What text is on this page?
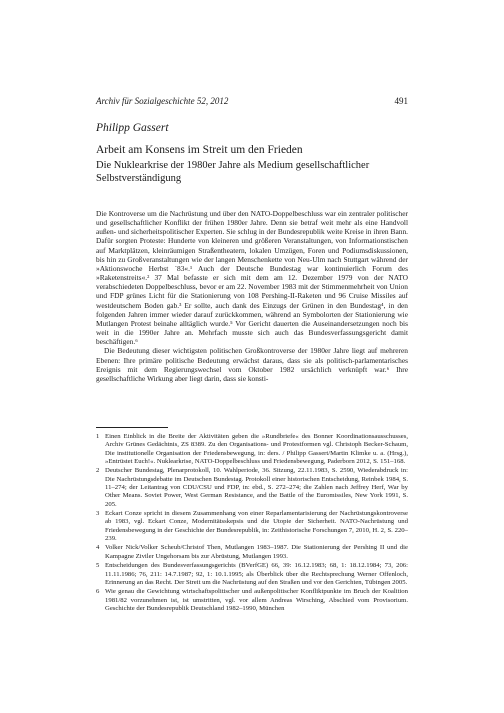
Archiv für Sozialgeschichte 52, 2012	491
Philipp Gassert
Arbeit am Konsens im Streit um den Frieden
Die Nuklearkrise der 1980er Jahre als Medium gesellschaftlicher Selbstverständigung

Die Kontroverse um die Nachrüstung und über den NATO-Doppelbeschluss war ein zentraler politischer und gesellschaftlicher Konflikt der frühen 1980er Jahre. Denn sie betraf weit mehr als eine Handvoll außen- und sicherheitspolitischer Experten. Sie schlug in der Bundesrepublik weite Kreise in ihren Bann. Dafür sorgten Proteste: Hunderte von kleineren und größeren Veranstaltungen, von Informationstischen auf Marktplätzen, kleinräumigen Straßentheatern, lokalen Umzügen, Foren und Podiumsdiskussionen, bis hin zu Großveranstaltungen wie der langen Menschenkette von Neu-Ulm nach Stuttgart während der »Aktionswoche Herbst ´83«.¹ Auch der Deutsche Bundestag war kontinuierlich Forum des »Raketenstreits«.² 37 Mal befasste er sich mit dem am 12. Dezember 1979 von der NATO verabschiedeten Doppelbeschluss, bevor er am 22. November 1983 mit der Stimmenmehrheit von Union und FDP grünes Licht für die Stationierung von 108 Pershing-II-Raketen und 96 Cruise Missiles auf westdeutschem Boden gab.³ Er sollte, auch dank des Einzugs der Grünen in den Bundestag⁴, in den folgenden Jahren immer wieder darauf zurückkommen, während an Symbolorten der Stationierung wie Mutlangen Protest beinahe alltäglich wurde.⁵ Vor Gericht dauerten die Auseinandersetzungen noch bis weit in die 1990er Jahre an. Mehrfach musste sich auch das Bundesverfassungsgericht damit beschäftigen.⁶

Die Bedeutung dieser wichtigsten politischen Großkontroverse der 1980er Jahre liegt auf mehreren Ebenen: Ihre primäre politische Bedeutung erwächst daraus, dass sie als politisch-parlamentarisches Ereignis mit dem Regierungswechsel vom Oktober 1982 ursächlich verknüpft war.⁶ Ihre gesellschaftliche Wirkung aber liegt darin, dass sie konsti-

1 Einen Einblick in die Breite der Aktivitäten geben die »Rundbriefe« des Bonner Koordinationsausschusses, Archiv Grünes Gedächtnis, ZS 8389. Zu den Organisations- und Protestformen vgl. Christoph Becker-Schaum, Die institutionelle Organisation der Friedensbewegung, in: ders. / Philipp Gassert/Martin Klimke u. a. (Hrsg.), »Entrüstet Euch!«. Nuklearkrise, NATO-Doppelbeschluss und Friedensbewegung, Paderborn 2012, S. 151–168.
2 Deutscher Bundestag, Plenarprotokoll, 10. Wahlperiode, 36. Sitzung, 22.11.1983, S. 2590, Wiederabdruck in: Die Nachrüstungsdebatte im Deutschen Bundestag. Protokoll einer historischen Entscheidung, Reinbek 1984, S. 11–274; der Leitantrag von CDU/CSU und FDP, in: ebd., S. 272–274; die Zahlen nach Jeffrey Herf, War by Other Means. Soviet Power, West German Resistance, and the Battle of the Euromissiles, New York 1991, S. 205.
3 Eckart Conze spricht in diesem Zusammenhang von einer Reparlamentarisierung der Nachrüstungskontroverse ab 1983, vgl. Eckart Conze, Modernitätsskepsis und die Utopie der Sicherheit. NATO-Nachrüstung und Friedensbewegung in der Geschichte der Bundesrepublik, in: Zeithistorische Forschungen 7, 2010, H. 2, S. 220–239.
4 Volker Nick/Volker Scheub/Christof Then, Mutlangen 1983–1987. Die Stationierung der Pershing II und die Kampagne Ziviler Ungehorsam bis zur Abrüstung, Mutlangen 1993.
5 Entscheidungen des Bundesverfassungsgerichts (BVerfGE) 66, 39: 16.12.1983; 68, 1: 18.12.1984; 73, 206: 11.11.1986; 76, 211: 14.7.1987; 92, 1: 10.1.1995; als Überblick über die Rechtsprechung Werner Offenloch, Erinnerung an das Recht. Der Streit um die Nachrüstung auf den Straßen und vor den Gerichten, Tübingen 2005.
6 Wie genau die Gewichtung wirtschaftspolitischer und außenpolitischer Konfliktpunkte im Bruch der Koalition 1981/82 vorzunehmen ist, ist umstritten, vgl. vor allem Andreas Wirsching, Abschied vom Provisorium. Geschichte der Bundesrepublik Deutschland 1982–1990, München
